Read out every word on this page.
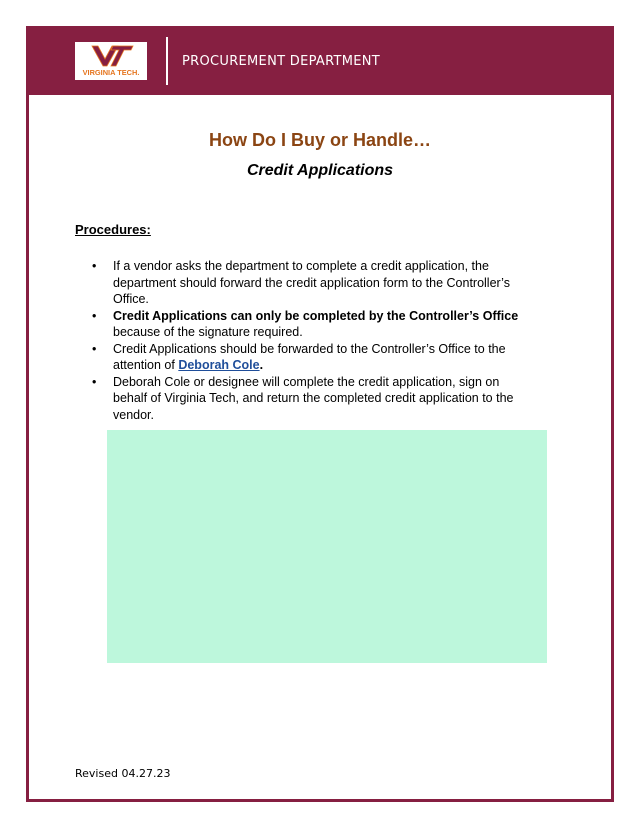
VIRGINIA TECH.
PROCUREMENT DEPARTMENT
How Do I Buy or Handle…
Credit Applications
Procedures:
• If a vendor asks the department to complete a credit application, the department should forward the credit application form to the Controller’s Office.
• Credit Applications can only be completed by the Controller’s Office because of the signature required.
• Credit Applications should be forwarded to the Controller’s Office to the attention of Deborah Cole.
• Deborah Cole or designee will complete the credit application, sign on behalf of Virginia Tech, and return the completed credit application to the vendor.
Revised 04.27.23
